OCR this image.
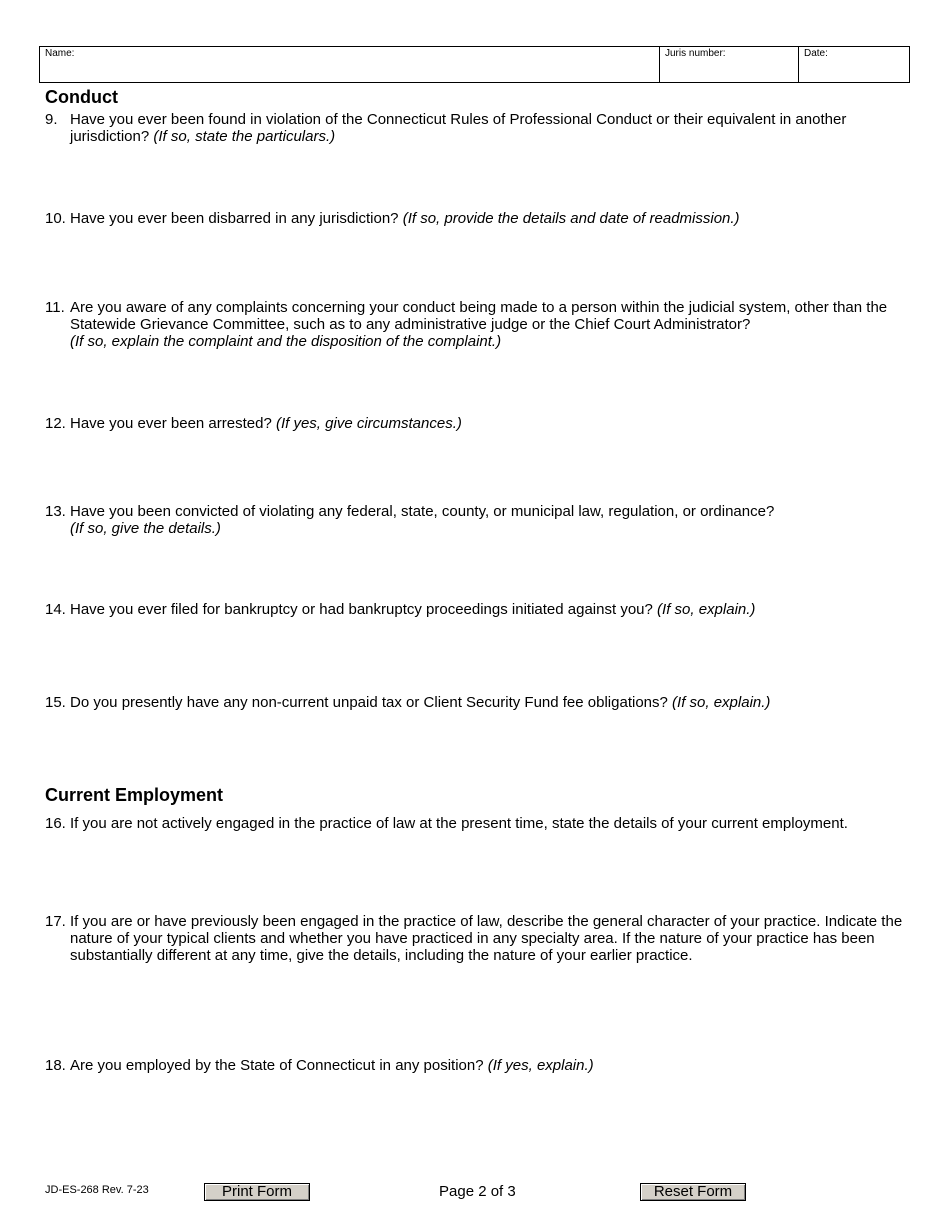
Name:	Juris number:	Date:
Conduct
9. Have you ever been found in violation of the Connecticut Rules of Professional Conduct or their equivalent in another jurisdiction? (If so, state the particulars.)
10. Have you ever been disbarred in any jurisdiction? (If so, provide the details and date of readmission.)
11. Are you aware of any complaints concerning your conduct being made to a person within the judicial system, other than the Statewide Grievance Committee, such as to any administrative judge or the Chief Court Administrator?
(If so, explain the complaint and the disposition of the complaint.)
12. Have you ever been arrested? (If yes, give circumstances.)
13. Have you been convicted of violating any federal, state, county, or municipal law, regulation, or ordinance?
(If so, give the details.)
14. Have you ever filed for bankruptcy or had bankruptcy proceedings initiated against you? (If so, explain.)
15. Do you presently have any non-current unpaid tax or Client Security Fund fee obligations? (If so, explain.)
Current Employment
16. If you are not actively engaged in the practice of law at the present time, state the details of your current employment.
17. If you are or have previously been engaged in the practice of law, describe the general character of your practice. Indicate the nature of your typical clients and whether you have practiced in any specialty area. If the nature of your practice has been substantially different at any time, give the details, including the nature of your earlier practice.
18. Are you employed by the State of Connecticut in any position? (If yes, explain.)
JD-ES-268 Rev. 7-23	Print Form	Page 2 of 3	Reset Form
